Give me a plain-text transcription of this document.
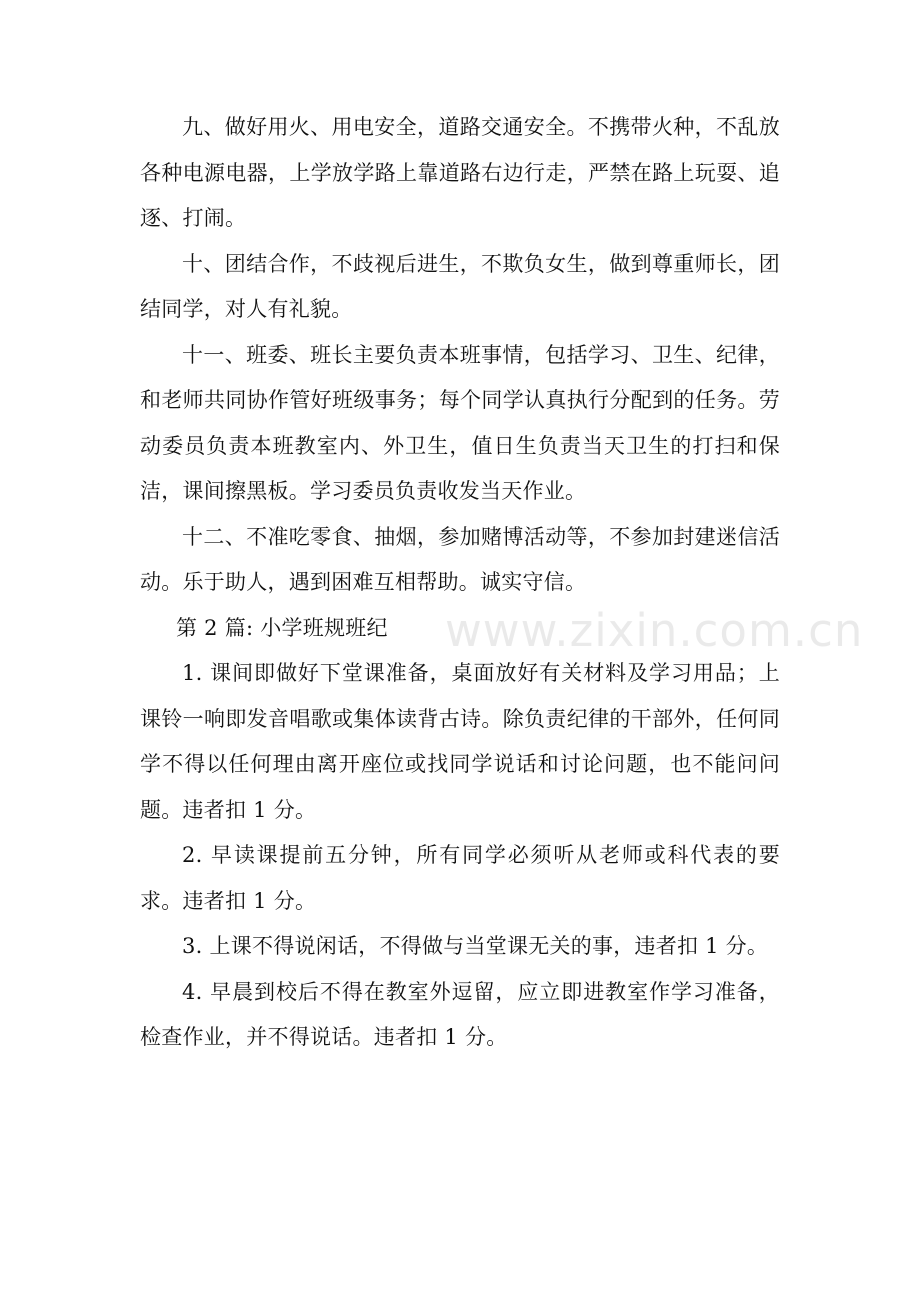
九、做好用火、用电安全，道路交通安全。不携带火种，不乱放各种电源电器，上学放学路上靠道路右边行走，严禁在路上玩耍、追逐、打闹。

十、团结合作，不歧视后进生，不欺负女生，做到尊重师长，团结同学，对人有礼貌。

十一、班委、班长主要负责本班事情，包括学习、卫生、纪律，和老师共同协作管好班级事务；每个同学认真执行分配到的任务。劳动委员负责本班教室内、外卫生，值日生负责当天卫生的打扫和保洁，课间擦黑板。学习委员负责收发当天作业。

十二、不准吃零食、抽烟，参加赌博活动等，不参加封建迷信活动。乐于助人，遇到困难互相帮助。诚实守信。

第 2 篇: 小学班规班纪

1. 课间即做好下堂课准备，桌面放好有关材料及学习用品；上课铃一响即发音唱歌或集体读背古诗。除负责纪律的干部外，任何同学不得以任何理由离开座位或找同学说话和讨论问题，也不能问问题。违者扣 1 分。

2. 早读课提前五分钟，所有同学必须听从老师或科代表的要求。违者扣 1 分。

3. 上课不得说闲话，不得做与当堂课无关的事，违者扣 1 分。

4. 早晨到校后不得在教室外逗留，应立即进教室作学习准备，检查作业，并不得说话。违者扣 1 分。

www.zixin.com.cn
